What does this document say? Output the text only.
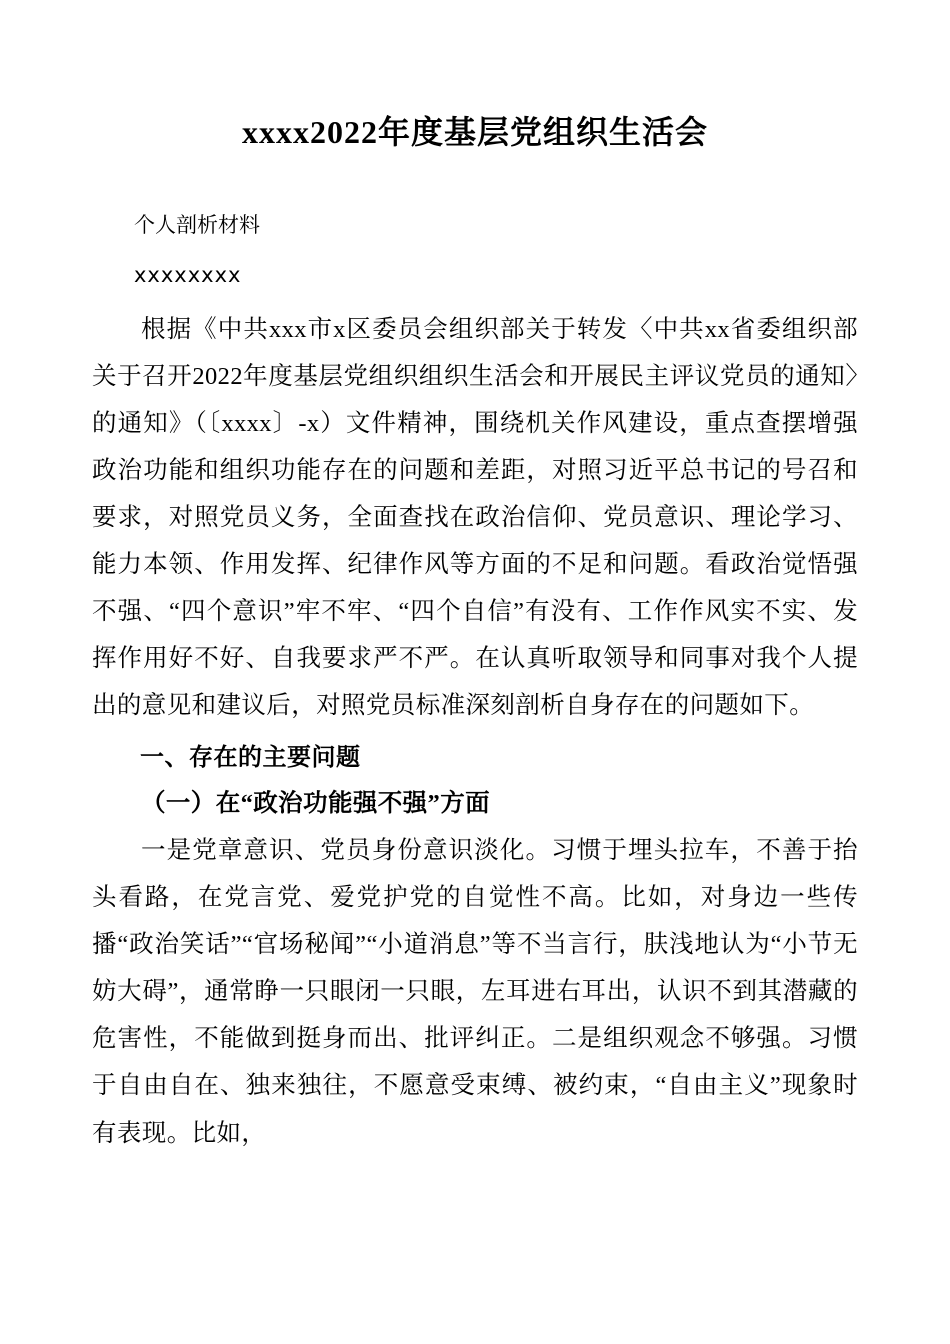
xxxx2022年度基层党组织生活会

个人剖析材料

xxxxxxxx

根据《中共xxx市x区委员会组织部关于转发〈中共xx省委组织部关于召开2022年度基层党组织组织生活会和开展民主评议党员的通知〉的通知》（〔xxxx〕-x）文件精神，围绕机关作风建设，重点查摆增强政治功能和组织功能存在的问题和差距，对照习近平总书记的号召和要求，对照党员义务，全面查找在政治信仰、党员意识、理论学习、能力本领、作用发挥、纪律作风等方面的不足和问题。看政治觉悟强不强、“四个意识”牢不牢、“四个自信”有没有、工作作风实不实、发挥作用好不好、自我要求严不严。在认真听取领导和同事对我个人提出的意见和建议后，对照党员标准深刻剖析自身存在的问题如下。

一、存在的主要问题

（一）在“政治功能强不强”方面

一是党章意识、党员身份意识淡化。习惯于埋头拉车，不善于抬头看路，在党言党、爱党护党的自觉性不高。比如，对身边一些传播“政治笑话”“官场秘闻”“小道消息”等不当言行，肤浅地认为“小节无妨大碍”，通常睁一只眼闭一只眼，左耳进右耳出，认识不到其潜藏的危害性，不能做到挺身而出、批评纠正。二是组织观念不够强。习惯于自由自在、独来独往，不愿意受束缚、被约束，“自由主义”现象时有表现。比如，
